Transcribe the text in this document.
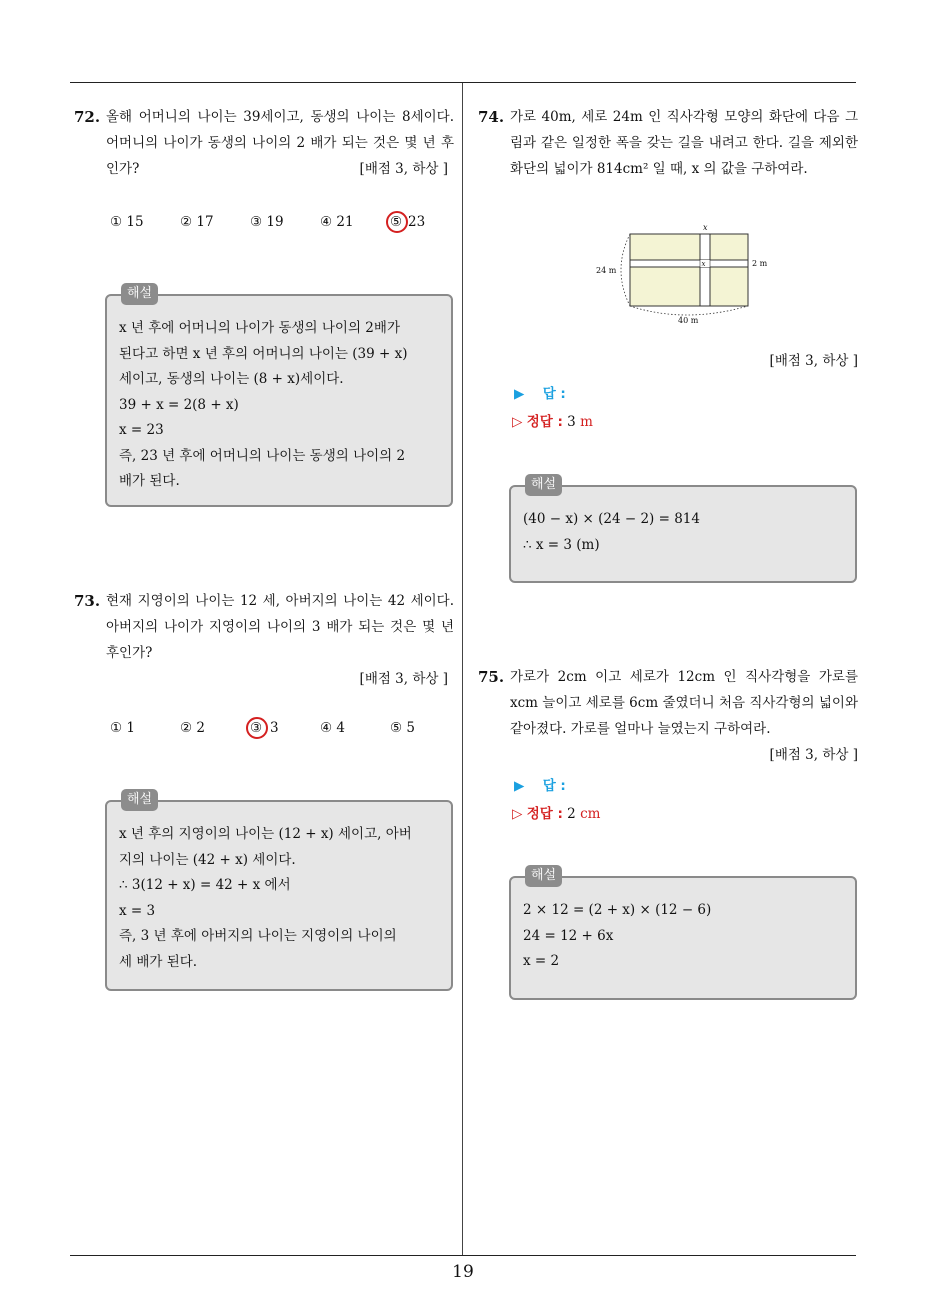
19
72. 올해 어머니의 나이는 39세이고, 동생의 나이는 8세이다. 어머니의 나이가 동생의 나이의 2 배가 되는 것은 몇 년 후인가?	[배점 3, 하상 ]
① 15	② 17	③ 19	④ 21	⑤ 23
해설
x 년 후에 어머니의 나이가 동생의 나이의 2배가
된다고 하면 x 년 후의 어머니의 나이는 (39 + x)
세이고, 동생의 나이는 (8 + x)세이다.
39 + x = 2(8 + x)
x = 23
즉, 23 년 후에 어머니의 나이는 동생의 나이의 2
배가 된다.
73. 현재 지영이의 나이는 12 세, 아버지의 나이는 42 세이다. 아버지의 나이가 지영이의 나이의 3 배가 되는 것은 몇 년 후인가?
[배점 3, 하상 ]
① 1	② 2	③ 3	④ 4	⑤ 5
해설
x 년 후의 지영이의 나이는 (12 + x) 세이고, 아버
지의 나이는 (42 + x) 세이다.
∴ 3(12 + x) = 42 + x 에서
x = 3
즉, 3 년 후에 아버지의 나이는 지영이의 나이의
세 배가 된다.
74. 가로 40m, 세로 24m 인 직사각형 모양의 화단에 다음 그림과 같은 일정한 폭을 갖는 길을 내려고 한다. 길을 제외한 화단의 넓이가 814cm² 일 때, x 의 값을 구하여라.
x
x	2 m
24 m
40 m
[배점 3, 하상 ]
▶ 답 :
▷ 정답 : 3 m
해설
(40 − x) × (24 − 2) = 814
∴ x = 3 (m)
75. 가로가 2cm 이고 세로가 12cm 인 직사각형을 가로를 xcm 늘이고 세로를 6cm 줄였더니 처음 직사각형의 넓이와 같아졌다. 가로를 얼마나 늘였는지 구하여라.
[배점 3, 하상 ]
▶ 답 :
▷ 정답 : 2 cm
해설
2 × 12 = (2 + x) × (12 − 6)
24 = 12 + 6x
x = 2
